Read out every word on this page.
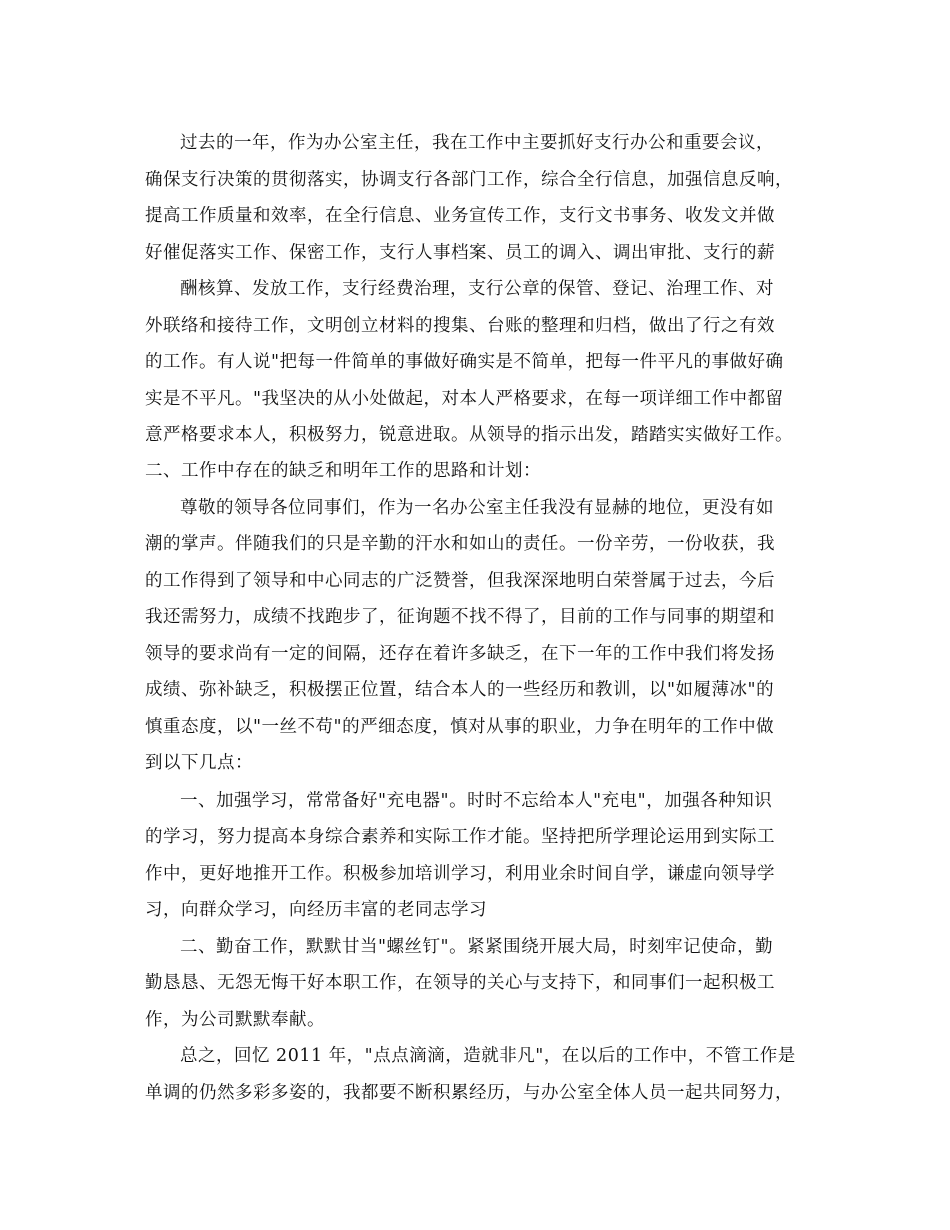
过去的一年，作为办公室主任，我在工作中主要抓好支行办公和重要会议，
确保支行决策的贯彻落实，协调支行各部门工作，综合全行信息，加强信息反响，
提高工作质量和效率，在全行信息、业务宣传工作，支行文书事务、收发文并做
好催促落实工作、保密工作，支行人事档案、员工的调入、调出审批、支行的薪
酬核算、发放工作，支行经费治理，支行公章的保管、登记、治理工作、对
外联络和接待工作，文明创立材料的搜集、台账的整理和归档，做出了行之有效
的工作。有人说"把每一件简单的事做好确实是不简单，把每一件平凡的事做好确
实是不平凡。"我坚决的从小处做起，对本人严格要求，在每一项详细工作中都留
意严格要求本人，积极努力，锐意进取。从领导的指示出发，踏踏实实做好工作。
二、工作中存在的缺乏和明年工作的思路和计划：
尊敬的领导各位同事们，作为一名办公室主任我没有显赫的地位，更没有如
潮的掌声。伴随我们的只是辛勤的汗水和如山的责任。一份辛劳，一份收获，我
的工作得到了领导和中心同志的广泛赞誉，但我深深地明白荣誉属于过去，今后
我还需努力，成绩不找跑步了，征询题不找不得了，目前的工作与同事的期望和
领导的要求尚有一定的间隔，还存在着许多缺乏，在下一年的工作中我们将发扬
成绩、弥补缺乏，积极摆正位置，结合本人的一些经历和教训，以"如履薄冰"的
慎重态度，以"一丝不苟"的严细态度，慎对从事的职业，力争在明年的工作中做
到以下几点：
一、加强学习，常常备好"充电器"。时时不忘给本人"充电"，加强各种知识
的学习，努力提高本身综合素养和实际工作才能。坚持把所学理论运用到实际工
作中，更好地推开工作。积极参加培训学习，利用业余时间自学，谦虚向领导学
习，向群众学习，向经历丰富的老同志学习
二、勤奋工作，默默甘当"螺丝钉"。紧紧围绕开展大局，时刻牢记使命，勤
勤恳恳、无怨无悔干好本职工作，在领导的关心与支持下，和同事们一起积极工
作，为公司默默奉献。
总之，回忆 2011 年，"点点滴滴，造就非凡"，在以后的工作中，不管工作是
单调的仍然多彩多姿的，我都要不断积累经历，与办公室全体人员一起共同努力，
